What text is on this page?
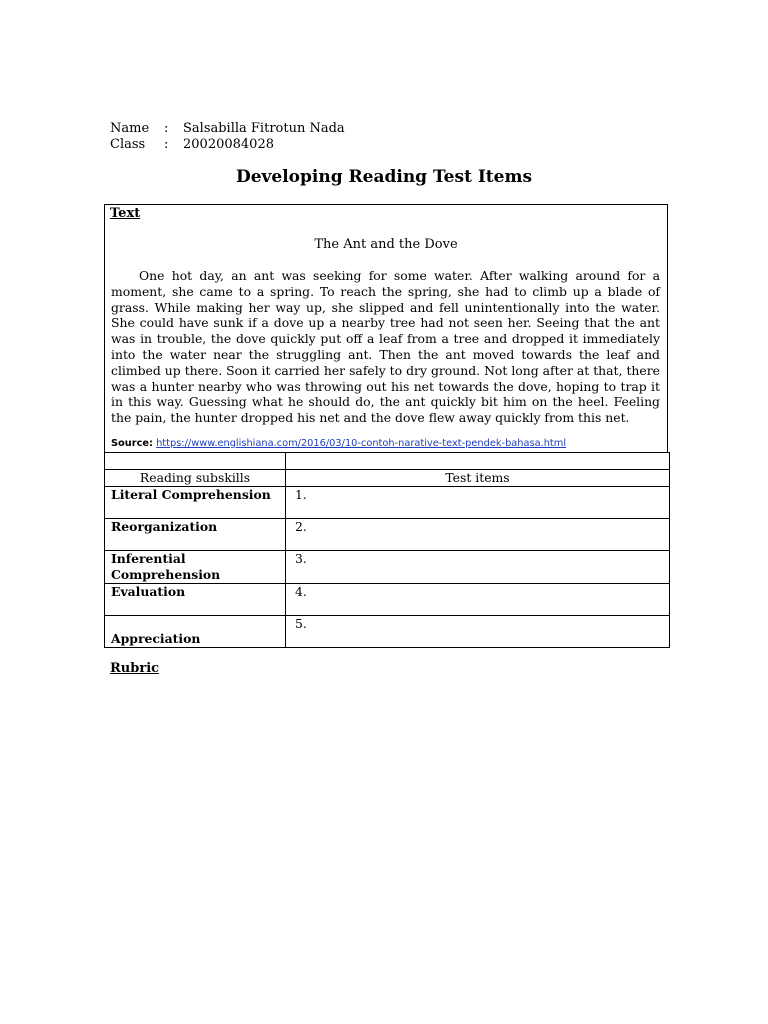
Name	:	Salsabilla Fitrotun Nada
Class	:	20020084028
Developing Reading Test Items
Text
The Ant and the Dove

One hot day, an ant was seeking for some water. After walking around for a moment, she came to a spring. To reach the spring, she had to climb up a blade of grass. While making her way up, she slipped and fell unintentionally into the water. She could have sunk if a dove up a nearby tree had not seen her. Seeing that the ant was in trouble, the dove quickly put off a leaf from a tree and dropped it immediately into the water near the struggling ant. Then the ant moved towards the leaf and climbed up there. Soon it carried her safely to dry ground. Not long after at that, there was a hunter nearby who was throwing out his net towards the dove, hoping to trap it in this way. Guessing what he should do, the ant quickly bit him on the heel. Feeling the pain, the hunter dropped his net and the dove flew away quickly from this net.

Source: https://www.englishiana.com/2016/03/10-contoh-narative-text-pendek-bahasa.html

Reading subskills	Test items
Literal Comprehension	1.
Reorganization	2.
Inferential Comprehension	3.
Evaluation	4.
Appreciation	5.
Rubric
